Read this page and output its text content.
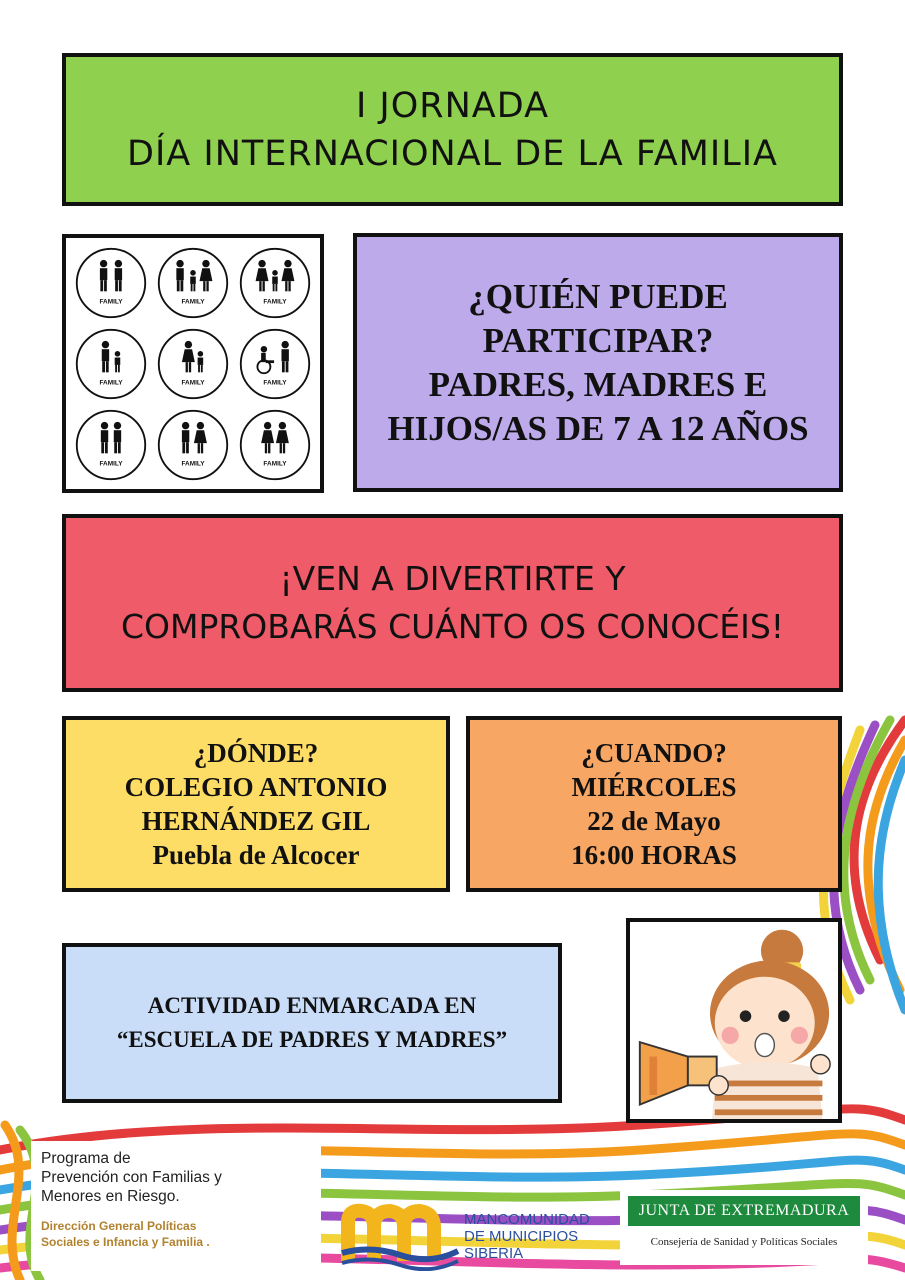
I JORNADA
DÍA INTERNACIONAL DE LA FAMILIA
FAMILY	FAMILY	FAMILY
FAMILY	FAMILY	FAMILY
FAMILY	FAMILY	FAMILY
¿QUIÉN PUEDE
PARTICIPAR?
PADRES, MADRES E
HIJOS/AS DE 7 A 12 AÑOS
¡VEN A DIVERTIRTE Y
COMPROBARÁS CUÁNTO OS CONOCÉIS!
¿DÓNDE?
COLEGIO ANTONIO
HERNÁNDEZ GIL
Puebla de Alcocer
¿CUANDO?
MIÉRCOLES
22 de Mayo
16:00 HORAS
ACTIVIDAD ENMARCADA EN
“ESCUELA DE PADRES Y MADRES”
Programa de
Prevención con Familias y
Menores en Riesgo.
Dirección General Políticas
Sociales e Infancia y Familia .
MANCOMUNIDAD
DE MUNICIPIOS
SIBERIA
JUNTA DE EXTREMADURA
Consejería de Sanidad y Políticas Sociales
